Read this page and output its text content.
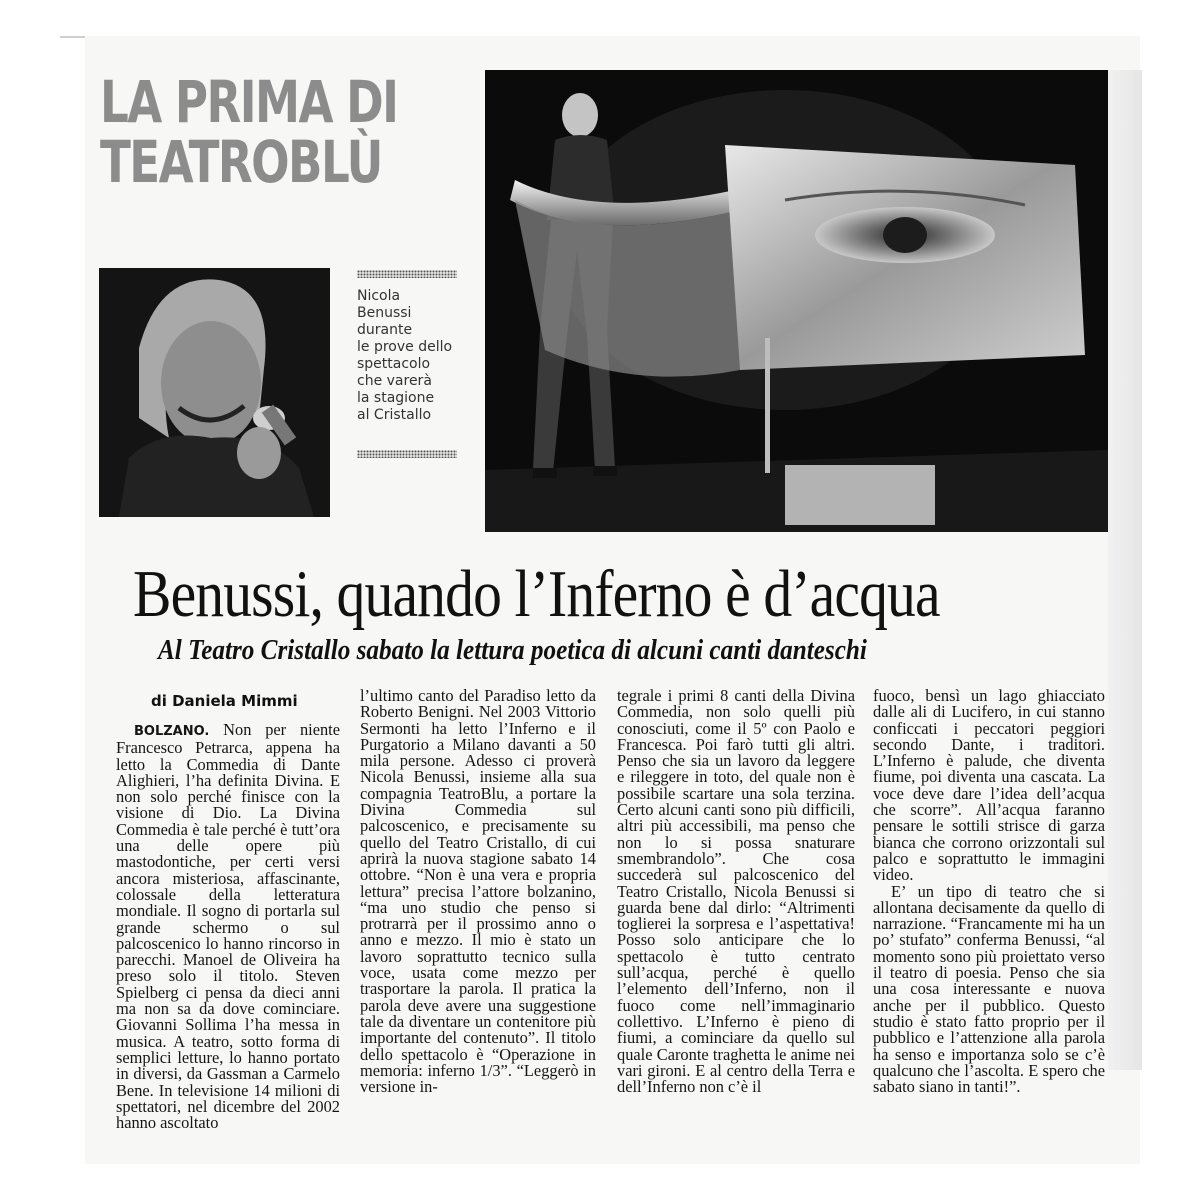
LA PRIMA DI
TEATROBLÙ
Nicola
Benussi
durante
le prove dello
spettacolo
che varerà
la stagione
al Cristallo
Benussi, quando l’Inferno è d’acqua
Al Teatro Cristallo sabato la lettura poetica di alcuni canti danteschi
di Daniela Mimmi

BOLZANO. Non per niente Francesco Petrarca, appena ha letto la Commedia di Dante Alighieri, l’ha definita Divina. E non solo perché finisce con la visione di Dio. La Divina Commedia è tale perché è tutt’ora una delle opere più mastodontiche, per certi versi ancora misteriosa, affascinante, colossale della letteratura mondiale. Il sogno di portarla sul grande schermo o sul palcoscenico lo hanno rincorso in parecchi. Manoel de Oliveira ha preso solo il titolo. Steven Spielberg ci pensa da dieci anni ma non sa da dove cominciare. Giovanni Sollima l’ha messa in musica. A teatro, sotto forma di semplici letture, lo hanno portato in diversi, da Gassman a Carmelo Bene. In televisione 14 milioni di spettatori, nel dicembre del 2002 hanno ascoltato

l’ultimo canto del Paradiso letto da Roberto Benigni. Nel 2003 Vittorio Sermonti ha letto l’Inferno e il Purgatorio a Milano davanti a 50 mila persone. Adesso ci proverà Nicola Benussi, insieme alla sua compagnia TeatroBlu, a portare la Divina Commedia sul palcoscenico, e precisamente su quello del Teatro Cristallo, di cui aprirà la nuova stagione sabato 14 ottobre. “Non è una vera e propria lettura” precisa l’attore bolzanino, “ma uno studio che penso si protrarrà per il prossimo anno o anno e mezzo. Il mio è stato un lavoro soprattutto tecnico sulla voce, usata come mezzo per trasportare la parola. Il pratica la parola deve avere una suggestione tale da diventare un contenitore più importante del contenuto”. Il titolo dello spettacolo è “Operazione in memoria: inferno 1/3”. “Leggerò in versione in-

tegrale i primi 8 canti della Divina Commedia, non solo quelli più conosciuti, come il 5º con Paolo e Francesca. Poi farò tutti gli altri. Penso che sia un lavoro da leggere e rileggere in toto, del quale non è possibile scartare una sola terzina. Certo alcuni canti sono più difficili, altri più accessibili, ma penso che non lo si possa snaturare smembrandolo”. Che cosa succederà sul palcoscenico del Teatro Cristallo, Nicola Benussi si guarda bene dal dirlo: “Altrimenti toglierei la sorpresa e l’aspettativa! Posso solo anticipare che lo spettacolo è tutto centrato sull’acqua, perché è quello l’elemento dell’Inferno, non il fuoco come nell’immaginario collettivo. L’Inferno è pieno di fiumi, a cominciare da quello sul quale Caronte traghetta le anime nei vari gironi. E al centro della Terra e dell’Inferno non c’è il

fuoco, bensì un lago ghiacciato dalle ali di Lucifero, in cui stanno conficcati i peccatori peggiori secondo Dante, i traditori. L’Inferno è palude, che diventa fiume, poi diventa una cascata. La voce deve dare l’idea dell’acqua che scorre”. All’acqua faranno pensare le sottili strisce di garza bianca che corrono orizzontali sul palco e soprattutto le immagini video.

E’ un tipo di teatro che si allontana decisamente da quello di narrazione. “Francamente mi ha un po’ stufato” conferma Benussi, “al momento sono più proiettato verso il teatro di poesia. Penso che sia una cosa interessante e nuova anche per il pubblico. Questo studio è stato fatto proprio per il pubblico e l’attenzione alla parola ha senso e importanza solo se c’è qualcuno che l’ascolta. E spero che sabato siano in tanti!”.
